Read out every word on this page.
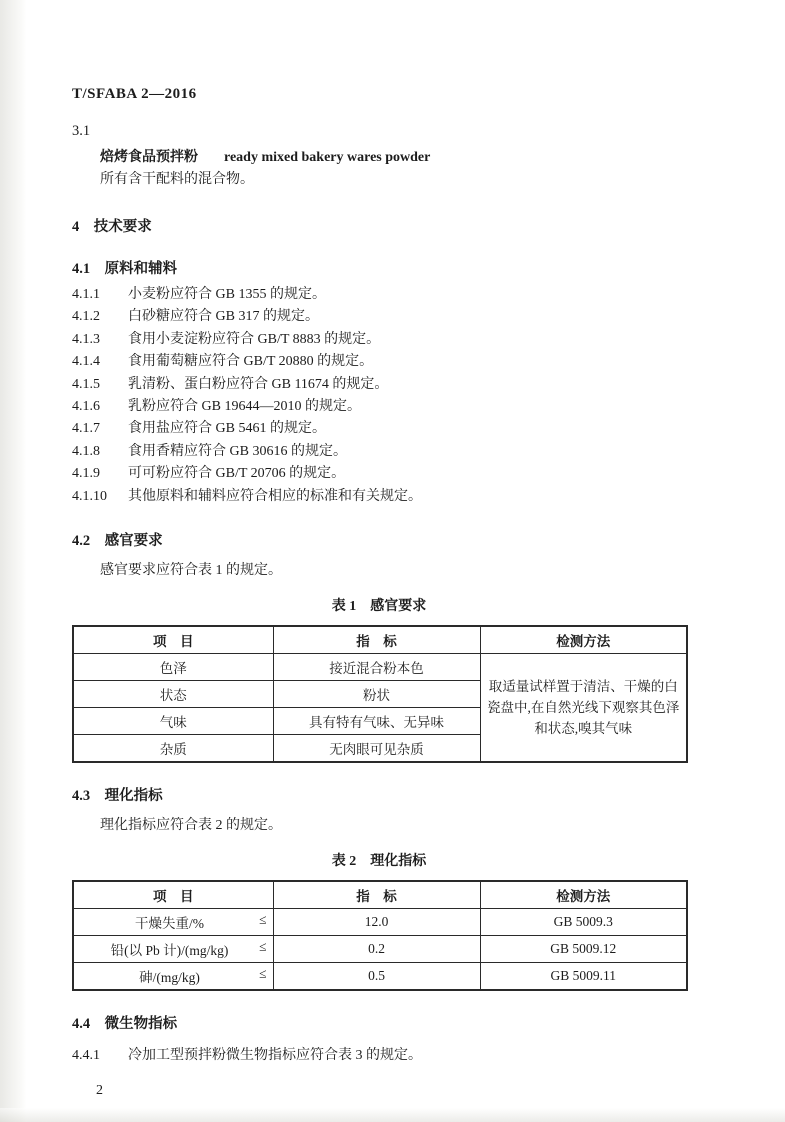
T/SFABA 2—2016
3.1
焙烤食品预拌粉 ready mixed bakery wares powder
所有含干配料的混合物。
4　技术要求
4.1　原料和辅料
4.1.1 小麦粉应符合 GB 1355 的规定。
4.1.2 白砂糖应符合 GB 317 的规定。
4.1.3 食用小麦淀粉应符合 GB/T 8883 的规定。
4.1.4 食用葡萄糖应符合 GB/T 20880 的规定。
4.1.5 乳清粉、蛋白粉应符合 GB 11674 的规定。
4.1.6 乳粉应符合 GB 19644—2010 的规定。
4.1.7 食用盐应符合 GB 5461 的规定。
4.1.8 食用香精应符合 GB 30616 的规定。
4.1.9 可可粉应符合 GB/T 20706 的规定。
4.1.10 其他原料和辅料应符合相应的标准和有关规定。
4.2　感官要求

感官要求应符合表 1 的规定。

表 1　感官要求
项　目	指　标	检测方法
色泽	接近混合粉本色	取适量试样置于清洁、干燥的白瓷盘中,在自然光线下观察其色泽和状态,嗅其气味
状态	粉状	
气味	具有特有气味、无异味	
杂质	无肉眼可见杂质	
4.3　理化指标

理化指标应符合表 2 的规定。

表 2　理化指标
项　目	指　标	检测方法
干燥失重/% ≤	12.0	GB 5009.3
铅(以 Pb 计)/(mg/kg) ≤	0.2	GB 5009.12
砷/(mg/kg) ≤	0.5	GB 5009.11
4.4　微生物指标
4.4.1 冷加工型预拌粉微生物指标应符合表 3 的规定。
2
